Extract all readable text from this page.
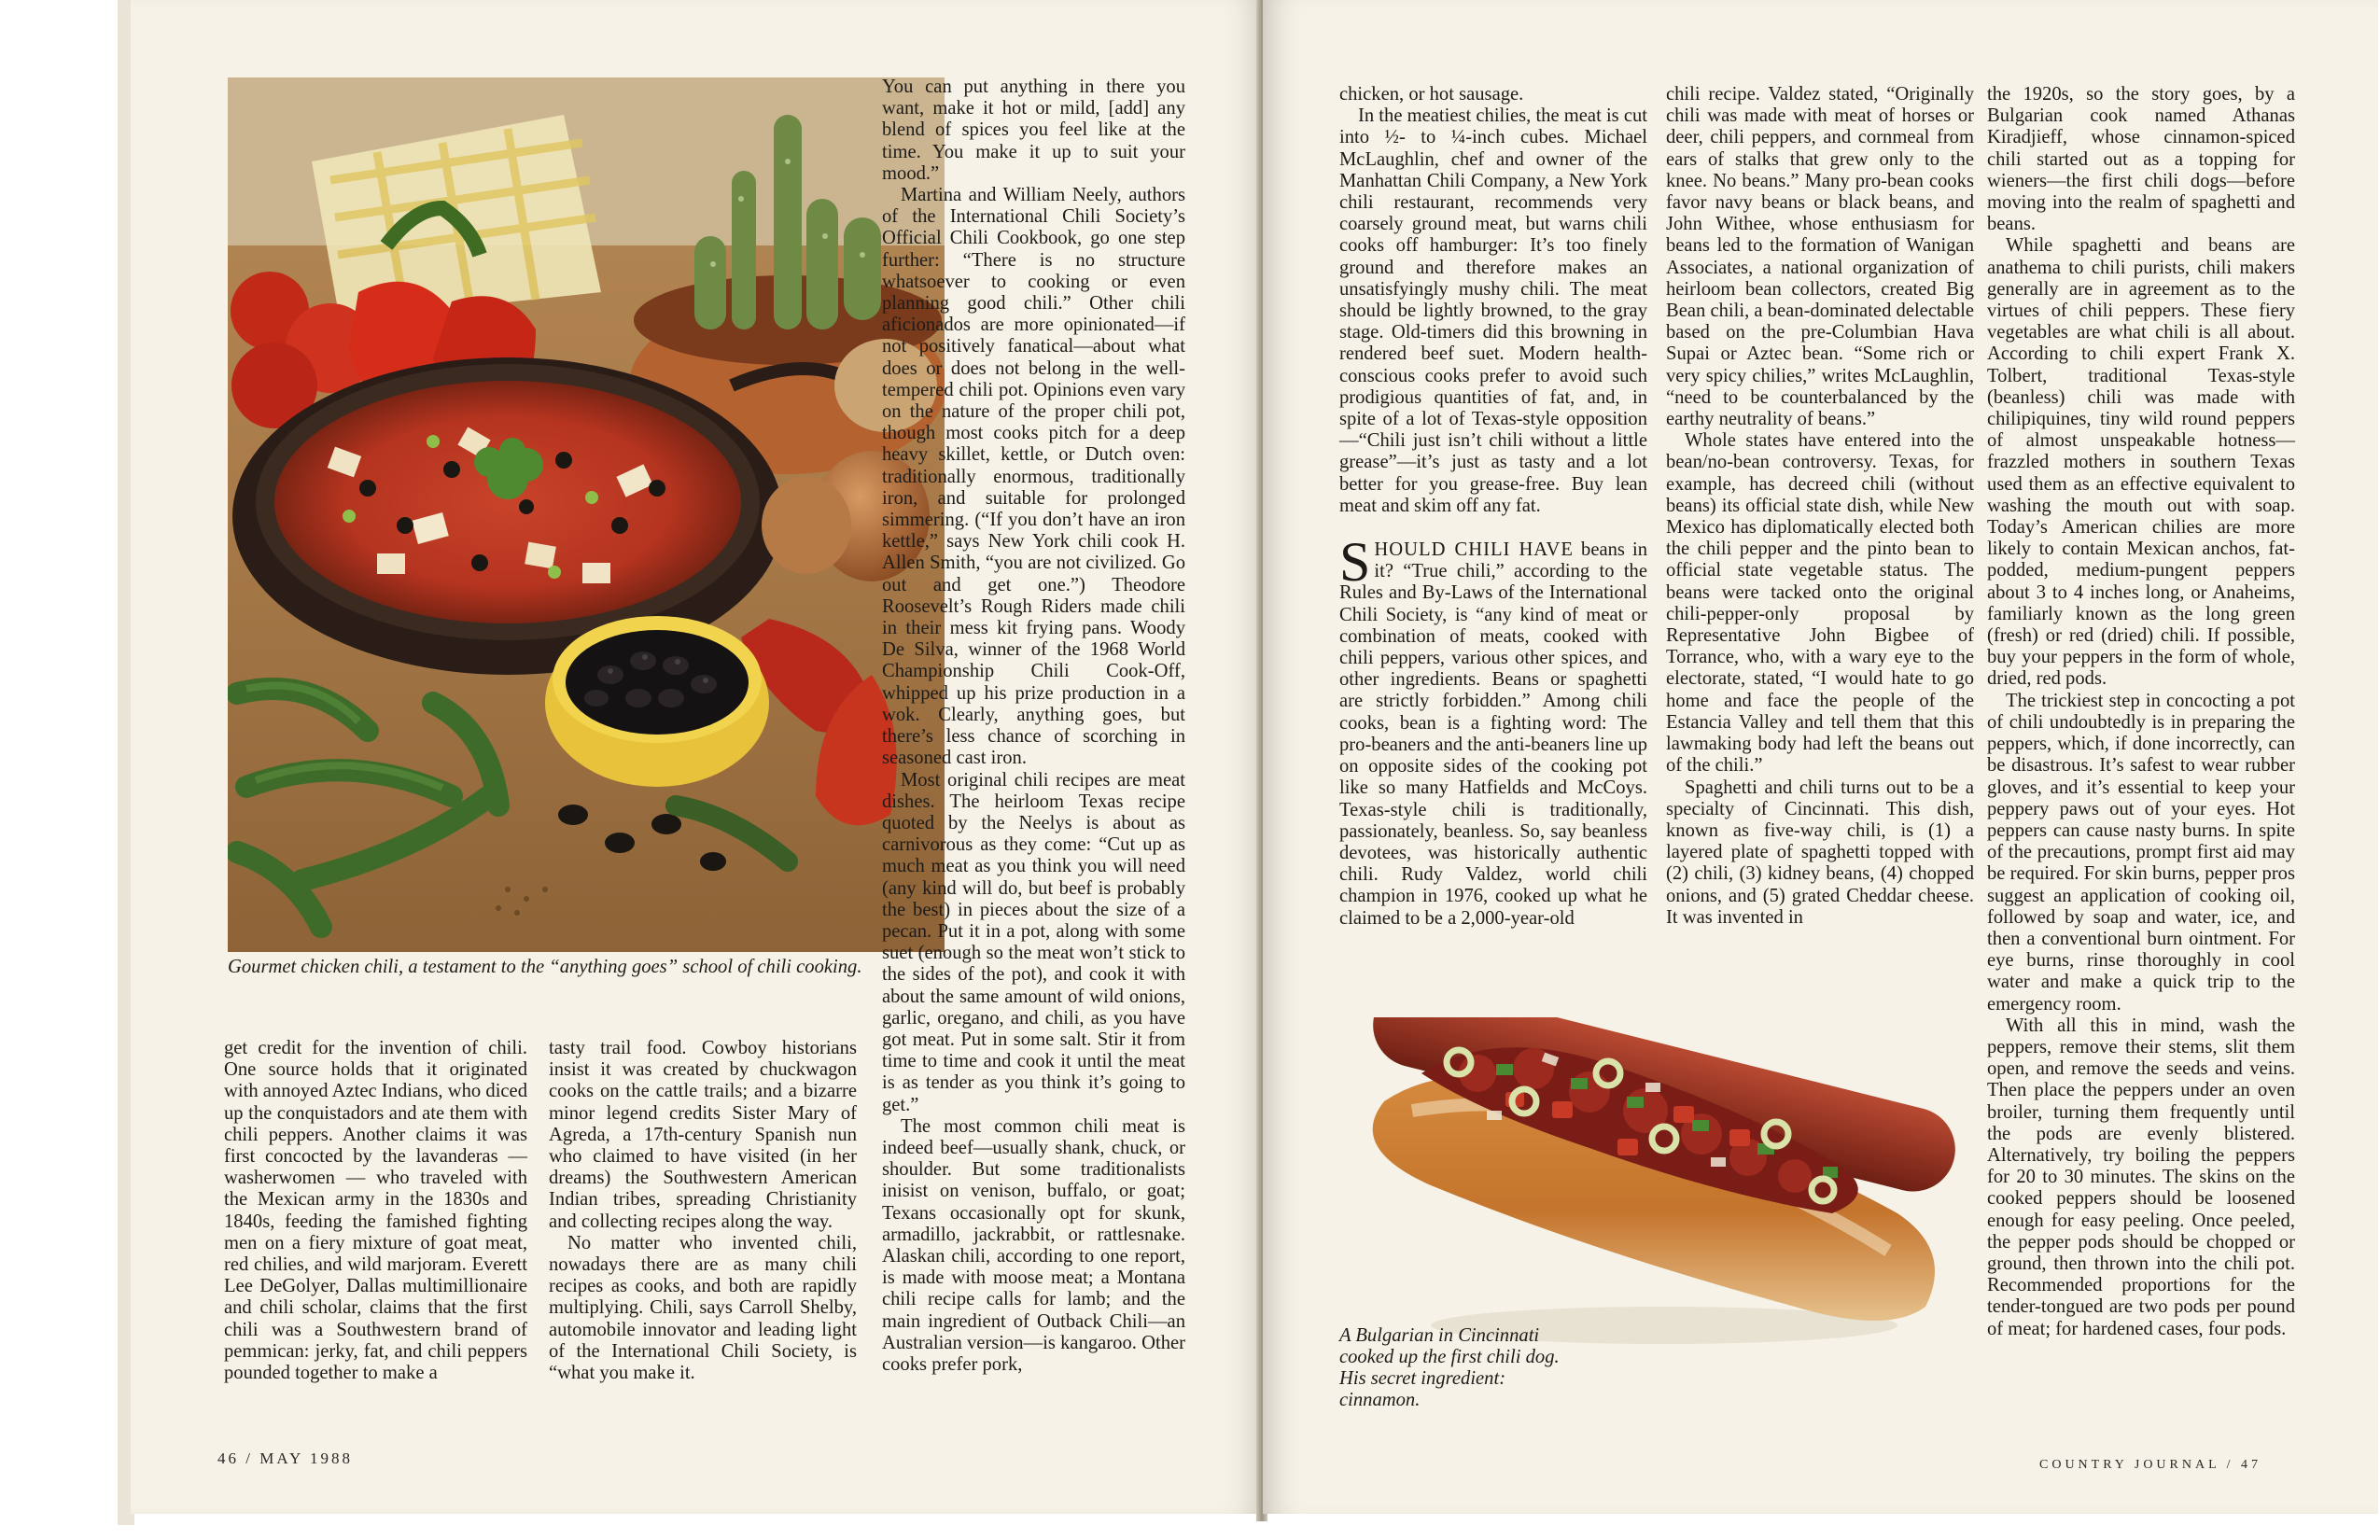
Gourmet chicken chili, a testament to the “anything goes” school of chili cooking.

You can put anything in there you want, make it hot or mild, [add] any blend of spices you feel like at the time. You make it up to suit your mood.”

Martina and William Neely, authors of the International Chili Society’s Official Chili Cookbook, go one step further: “There is no structure whatsoever to cooking or even planning good chili.” Other chili aficionados are more opinionated—if not positively fanatical—about what does or does not belong in the well-tempered chili pot. Opinions even vary on the nature of the proper chili pot, though most cooks pitch for a deep heavy skillet, kettle, or Dutch oven: traditionally enormous, traditionally iron, and suitable for prolonged simmering. (“If you don’t have an iron kettle,” says New York chili cook H. Allen Smith, “you are not civilized. Go out and get one.”) Theodore Roosevelt’s Rough Riders made chili in their mess kit frying pans. Woody De Silva, winner of the 1968 World Championship Chili Cook-Off, whipped up his prize production in a wok. Clearly, anything goes, but there’s less chance of scorching in seasoned cast iron.

Most original chili recipes are meat dishes. The heirloom Texas recipe quoted by the Neelys is about as carnivorous as they come: “Cut up as much meat as you think you will need (any kind will do, but beef is probably the best) in pieces about the size of a pecan. Put it in a pot, along with some suet (enough so the meat won’t stick to the sides of the pot), and cook it with about the same amount of wild onions, garlic, oregano, and chili, as you have got meat. Put in some salt. Stir it from time to time and cook it until the meat is as tender as you think it’s going to get.”

The most common chili meat is indeed beef—usually shank, chuck, or shoulder. But some traditionalists inisist on venison, buffalo, or goat; Texans occasionally opt for skunk, armadillo, jackrabbit, or rattlesnake. Alaskan chili, according to one report, is made with moose meat; a Montana chili recipe calls for lamb; and the main ingredient of Outback Chili—an Australian version—is kangaroo. Other cooks prefer pork,

get credit for the invention of chili. One source holds that it originated with annoyed Aztec Indians, who diced up the conquistadors and ate them with chili peppers. Another claims it was first concocted by the lavanderas — washerwomen — who traveled with the Mexican army in the 1830s and 1840s, feeding the famished fighting men on a fiery mixture of goat meat, red chilies, and wild marjoram. Everett Lee DeGolyer, Dallas multimillionaire and chili scholar, claims that the first chili was a Southwestern brand of pemmican: jerky, fat, and chili peppers pounded together to make a

tasty trail food. Cowboy historians insist it was created by chuckwagon cooks on the cattle trails; and a bizarre minor legend credits Sister Mary of Agreda, a 17th-century Spanish nun who claimed to have visited (in her dreams) the Southwestern American Indian tribes, spreading Christianity and collecting recipes along the way.

No matter who invented chili, nowadays there are as many chili recipes as cooks, and both are rapidly multiplying. Chili, says Carroll Shelby, automobile innovator and leading light of the International Chili Society, is “what you make it.

46 / MAY 1988

chicken, or hot sausage.

In the meatiest chilies, the meat is cut into ½- to ¼-inch cubes. Michael McLaughlin, chef and owner of the Manhattan Chili Company, a New York chili restaurant, recommends very coarsely ground meat, but warns chili cooks off hamburger: It’s too finely ground and therefore makes an unsatisfyingly mushy chili. The meat should be lightly browned, to the gray stage. Old-timers did this browning in rendered beef suet. Modern health-conscious cooks prefer to avoid such prodigious quantities of fat, and, in spite of a lot of Texas-style opposition—“Chili just isn’t chili without a little grease”—it’s just as tasty and a lot better for you grease-free. Buy lean meat and skim off any fat.

SHOULD CHILI HAVE beans in it? “True chili,” according to the Rules and By-Laws of the International Chili Society, is “any kind of meat or combination of meats, cooked with chili peppers, various other spices, and other ingredients. Beans or spaghetti are strictly forbidden.” Among chili cooks, bean is a fighting word: The pro-beaners and the anti-beaners line up on opposite sides of the cooking pot like so many Hatfields and McCoys. Texas-style chili is traditionally, passionately, beanless. So, say beanless devotees, was historically authentic chili. Rudy Valdez, world chili champion in 1976, cooked up what he claimed to be a 2,000-year-old

chili recipe. Valdez stated, “Originally chili was made with meat of horses or deer, chili peppers, and cornmeal from ears of stalks that grew only to the knee. No beans.” Many pro-bean cooks favor navy beans or black beans, and John Withee, whose enthusiasm for beans led to the formation of Wanigan Associates, a national organization of heirloom bean collectors, created Big Bean chili, a bean-dominated delectable based on the pre-Columbian Hava Supai or Aztec bean. “Some rich or very spicy chilies,” writes McLaughlin, “need to be counterbalanced by the earthy neutrality of beans.”

Whole states have entered into the bean/no-bean controversy. Texas, for example, has decreed chili (without beans) its official state dish, while New Mexico has diplomatically elected both the chili pepper and the pinto bean to official state vegetable status. The beans were tacked onto the original chili-pepper-only proposal by Representative John Bigbee of Torrance, who, with a wary eye to the electorate, stated, “I would hate to go home and face the people of the Estancia Valley and tell them that this lawmaking body had left the beans out of the chili.”

Spaghetti and chili turns out to be a specialty of Cincinnati. This dish, known as five-way chili, is (1) a layered plate of spaghetti topped with (2) chili, (3) kidney beans, (4) chopped onions, and (5) grated Cheddar cheese. It was invented in

the 1920s, so the story goes, by a Bulgarian cook named Athanas Kiradjieff, whose cinnamon-spiced chili started out as a topping for wieners—the first chili dogs—before moving into the realm of spaghetti and beans.

While spaghetti and beans are anathema to chili purists, chili makers generally are in agreement as to the virtues of chili peppers. These fiery vegetables are what chili is all about. According to chili expert Frank X. Tolbert, traditional Texas-style (beanless) chili was made with chilipiquines, tiny wild round peppers of almost unspeakable hotness—frazzled mothers in southern Texas used them as an effective equivalent to washing the mouth out with soap. Today’s American chilies are more likely to contain Mexican anchos, fat-podded, medium-pungent peppers about 3 to 4 inches long, or Anaheims, familiarly known as the long green (fresh) or red (dried) chili. If possible, buy your peppers in the form of whole, dried, red pods.

The trickiest step in concocting a pot of chili undoubtedly is in preparing the peppers, which, if done incorrectly, can be disastrous. It’s safest to wear rubber gloves, and it’s essential to keep your peppery paws out of your eyes. Hot peppers can cause nasty burns. In spite of the precautions, prompt first aid may be required. For skin burns, pepper pros suggest an application of cooking oil, followed by soap and water, ice, and then a conventional burn ointment. For eye burns, rinse thoroughly in cool water and make a quick trip to the emergency room.

With all this in mind, wash the peppers, remove their stems, slit them open, and remove the seeds and veins. Then place the peppers under an oven broiler, turning them frequently until the pods are evenly blistered. Alternatively, try boiling the peppers for 20 to 30 minutes. The skins on the cooked peppers should be loosened enough for easy peeling. Once peeled, the pepper pods should be chopped or ground, then thrown into the chili pot. Recommended proportions for the tender-tongued are two pods per pound of meat; for hardened cases, four pods.

A Bulgarian in Cincinnati cooked up the first chili dog. His secret ingredient: cinnamon.
COUNTRY JOURNAL / 47
